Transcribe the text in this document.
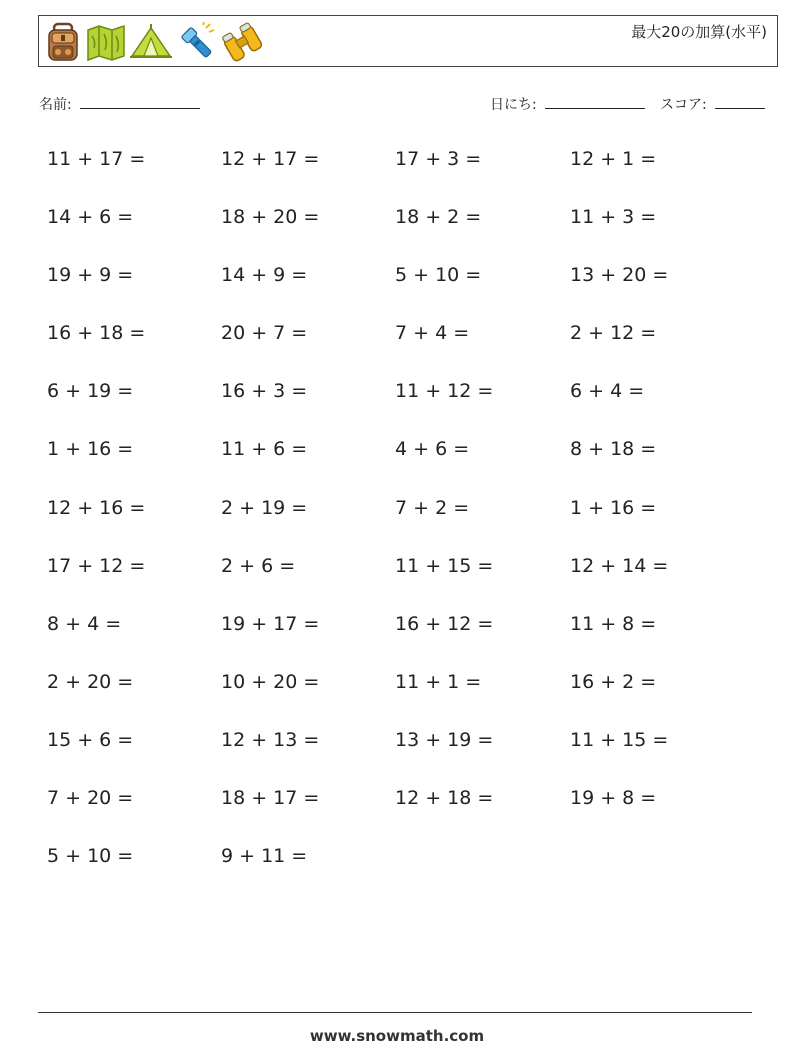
最大20の加算(水平)
名前:	日にち:	スコア:
11 + 17 =	12 + 17 =	17 + 3 =	12 + 1 =
14 + 6 =	18 + 20 =	18 + 2 =	11 + 3 =
19 + 9 =	14 + 9 =	5 + 10 =	13 + 20 =
16 + 18 =	20 + 7 =	7 + 4 =	2 + 12 =
6 + 19 =	16 + 3 =	11 + 12 =	6 + 4 =
1 + 16 =	11 + 6 =	4 + 6 =	8 + 18 =
12 + 16 =	2 + 19 =	7 + 2 =	1 + 16 =
17 + 12 =	2 + 6 =	11 + 15 =	12 + 14 =
8 + 4 =	19 + 17 =	16 + 12 =	11 + 8 =
2 + 20 =	10 + 20 =	11 + 1 =	16 + 2 =
15 + 6 =	12 + 13 =	13 + 19 =	11 + 15 =
7 + 20 =	18 + 17 =	12 + 18 =	19 + 8 =
5 + 10 =	9 + 11 =
www.snowmath.com
